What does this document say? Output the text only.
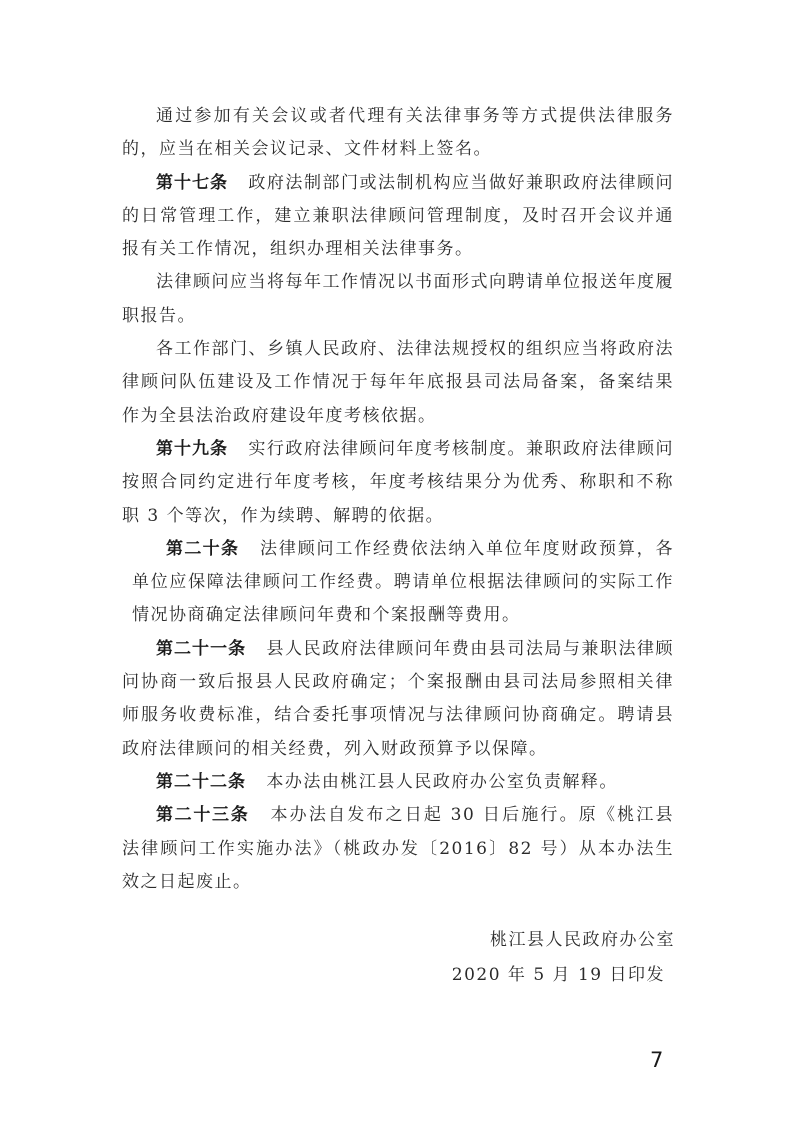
通过参加有关会议或者代理有关法律事务等方式提供法律服务的，应当在相关会议记录、文件材料上签名。

第十七条 政府法制部门或法制机构应当做好兼职政府法律顾问的日常管理工作，建立兼职法律顾问管理制度，及时召开会议并通报有关工作情况，组织办理相关法律事务。

法律顾问应当将每年工作情况以书面形式向聘请单位报送年度履职报告。

各工作部门、乡镇人民政府、法律法规授权的组织应当将政府法律顾问队伍建设及工作情况于每年年底报县司法局备案，备案结果作为全县法治政府建设年度考核依据。

第十九条 实行政府法律顾问年度考核制度。兼职政府法律顾问按照合同约定进行年度考核，年度考核结果分为优秀、称职和不称职 3 个等次，作为续聘、解聘的依据。

第二十条 法律顾问工作经费依法纳入单位年度财政预算，各单位应保障法律顾问工作经费。聘请单位根据法律顾问的实际工作情况协商确定法律顾问年费和个案报酬等费用。

第二十一条 县人民政府法律顾问年费由县司法局与兼职法律顾问协商一致后报县人民政府确定；个案报酬由县司法局参照相关律师服务收费标准，结合委托事项情况与法律顾问协商确定。聘请县政府法律顾问的相关经费，列入财政预算予以保障。

第二十二条 本办法由桃江县人民政府办公室负责解释。

第二十三条 本办法自发布之日起 30 日后施行。原《桃江县法律顾问工作实施办法》（桃政办发〔2016〕82 号）从本办法生效之日起废止。

桃江县人民政府办公室
2020 年 5 月 19 日印发
7
